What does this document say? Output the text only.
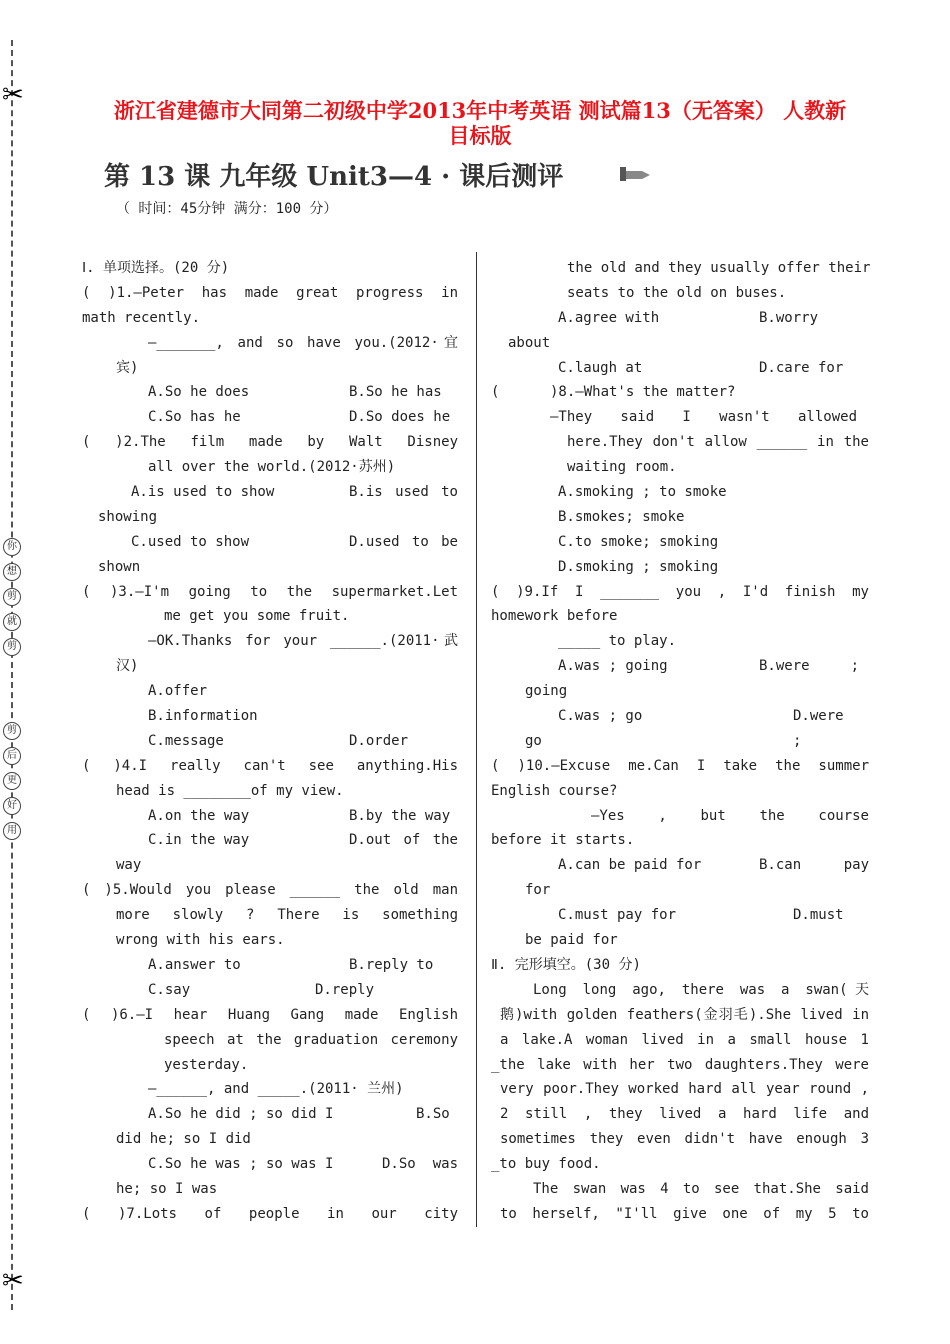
✂
✂
你
想
剪
就
剪
剪
后
更
好
用
浙江省建德市大同第二初级中学2013年中考英语 测试篇13（无答案） 人教新
目标版
第 13 课 九年级 Unit3—4 · 课后测评
（ 时间：45分钟 满分：100 分）
Ⅰ. 单项选择。(20 分)
( )1.—Peter has made great progress in
math recently.
—_______, and so have you.(2012·宜
宾)
A.So he does	B.So he has
C.So has he	D.So does he
( )2.The film made by Walt Disney
all over the world.(2012·苏州)
A.is used to show	B.is used to
showing
C.used to show	D.used to be
shown
( )3.—I'm going to the supermarket.Let
me get you some fruit.
—OK.Thanks for your ______.(2011·武
汉)
A.offer
B.information
C.message	D.order
( )4.I really can't see anything.His
head is ________of my view.
A.on the way	B.by the way
C.in the way	D.out of the
way
( )5.Would you please ______ the old man
more slowly ? There is something
wrong with his ears.
A.answer to	B.reply to
C.say	D.reply
( )6.—I hear Huang Gang made English
speech at the graduation ceremony
yesterday.
—______, and _____.(2011· 兰州)
A.So he did ; so did I	B.So
did he; so I did
C.So he was ; so was I	D.So was
he; so I was
( )7.Lots of people in our city
the old and they usually offer their
seats to the old on buses.
A.agree with	B.worry
about
C.laugh at	D.care for
(      )8.—What's the matter?
—They said I wasn't allowed
here.They don't allow ______ in the
waiting room.
A.smoking ; to smoke
B.smokes; smoke
C.to smoke; smoking
D.smoking ; smoking
( )9.If I _______ you , I'd finish my
homework before
_____ to play.
A.was ; going	B.were ;
going
C.was ; go	D.were ;
go
( )10.—Excuse me.Can I take the summer
English course?
—Yes , but the course
before it starts.
A.can be paid for	B.can pay
for
C.must pay for	D.must
be paid for
Ⅱ. 完形填空。(30 分)
Long long ago, there was a swan(天
鹅)with golden feathers(金羽毛).She lived in
a lake.A woman lived in a small house 1
_the lake with her two daughters.They were
very poor.They worked hard all year round ,
2 still , they lived a hard life and
sometimes they even didn't have enough 3
_to buy food.
The swan was 4 to see that.She said
to herself, "I'll give one of my 5 to
